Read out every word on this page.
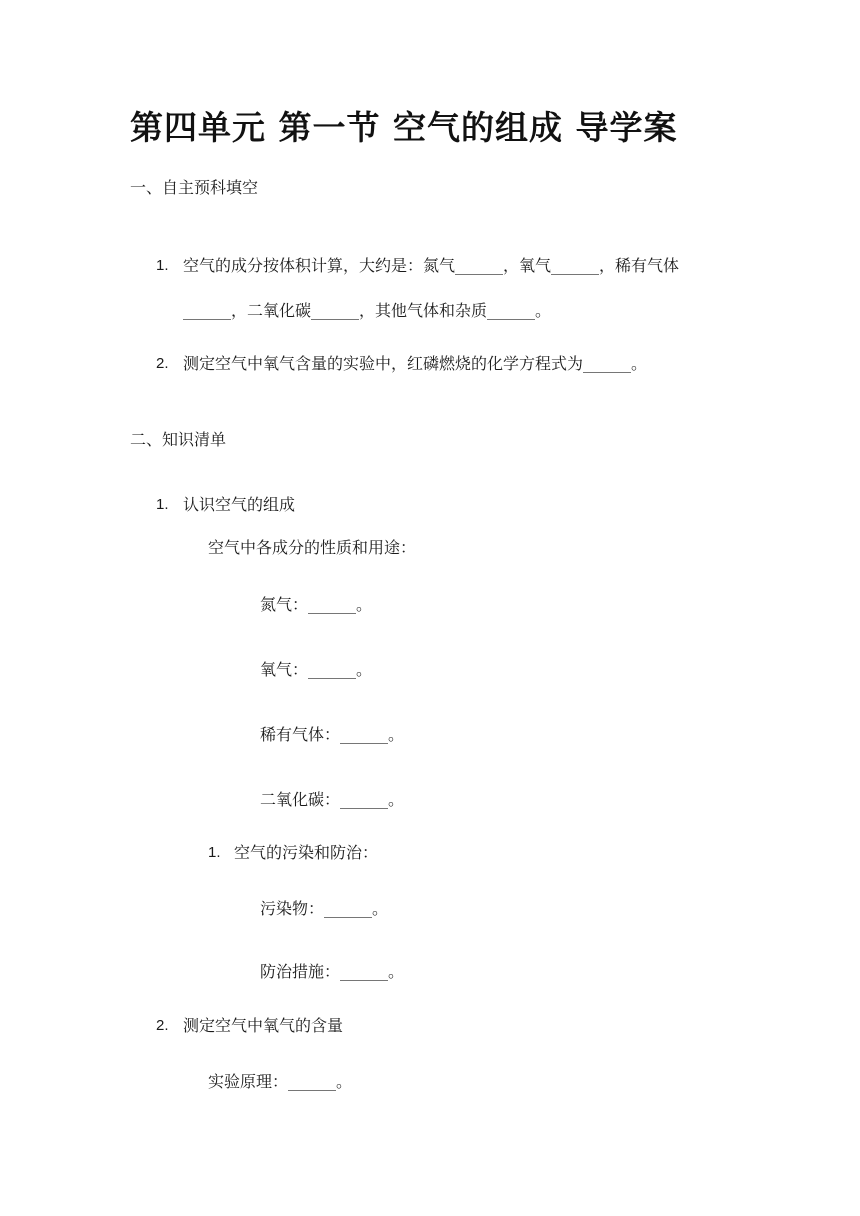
第四单元 第一节 空气的组成 导学案
一、自主预科填空
1. 空气的成分按体积计算，大约是：氮气______，氧气______，稀有气体
______，二氧化碳______，其他气体和杂质______。
2. 测定空气中氧气含量的实验中，红磷燃烧的化学方程式为______。
二、知识清单
1. 认识空气的组成
空气中各成分的性质和用途：
氮气：______。
氧气：______。
稀有气体：______。
二氧化碳：______。
1. 空气的污染和防治：
污染物：______。
防治措施：______。
2. 测定空气中氧气的含量
实验原理：______。
